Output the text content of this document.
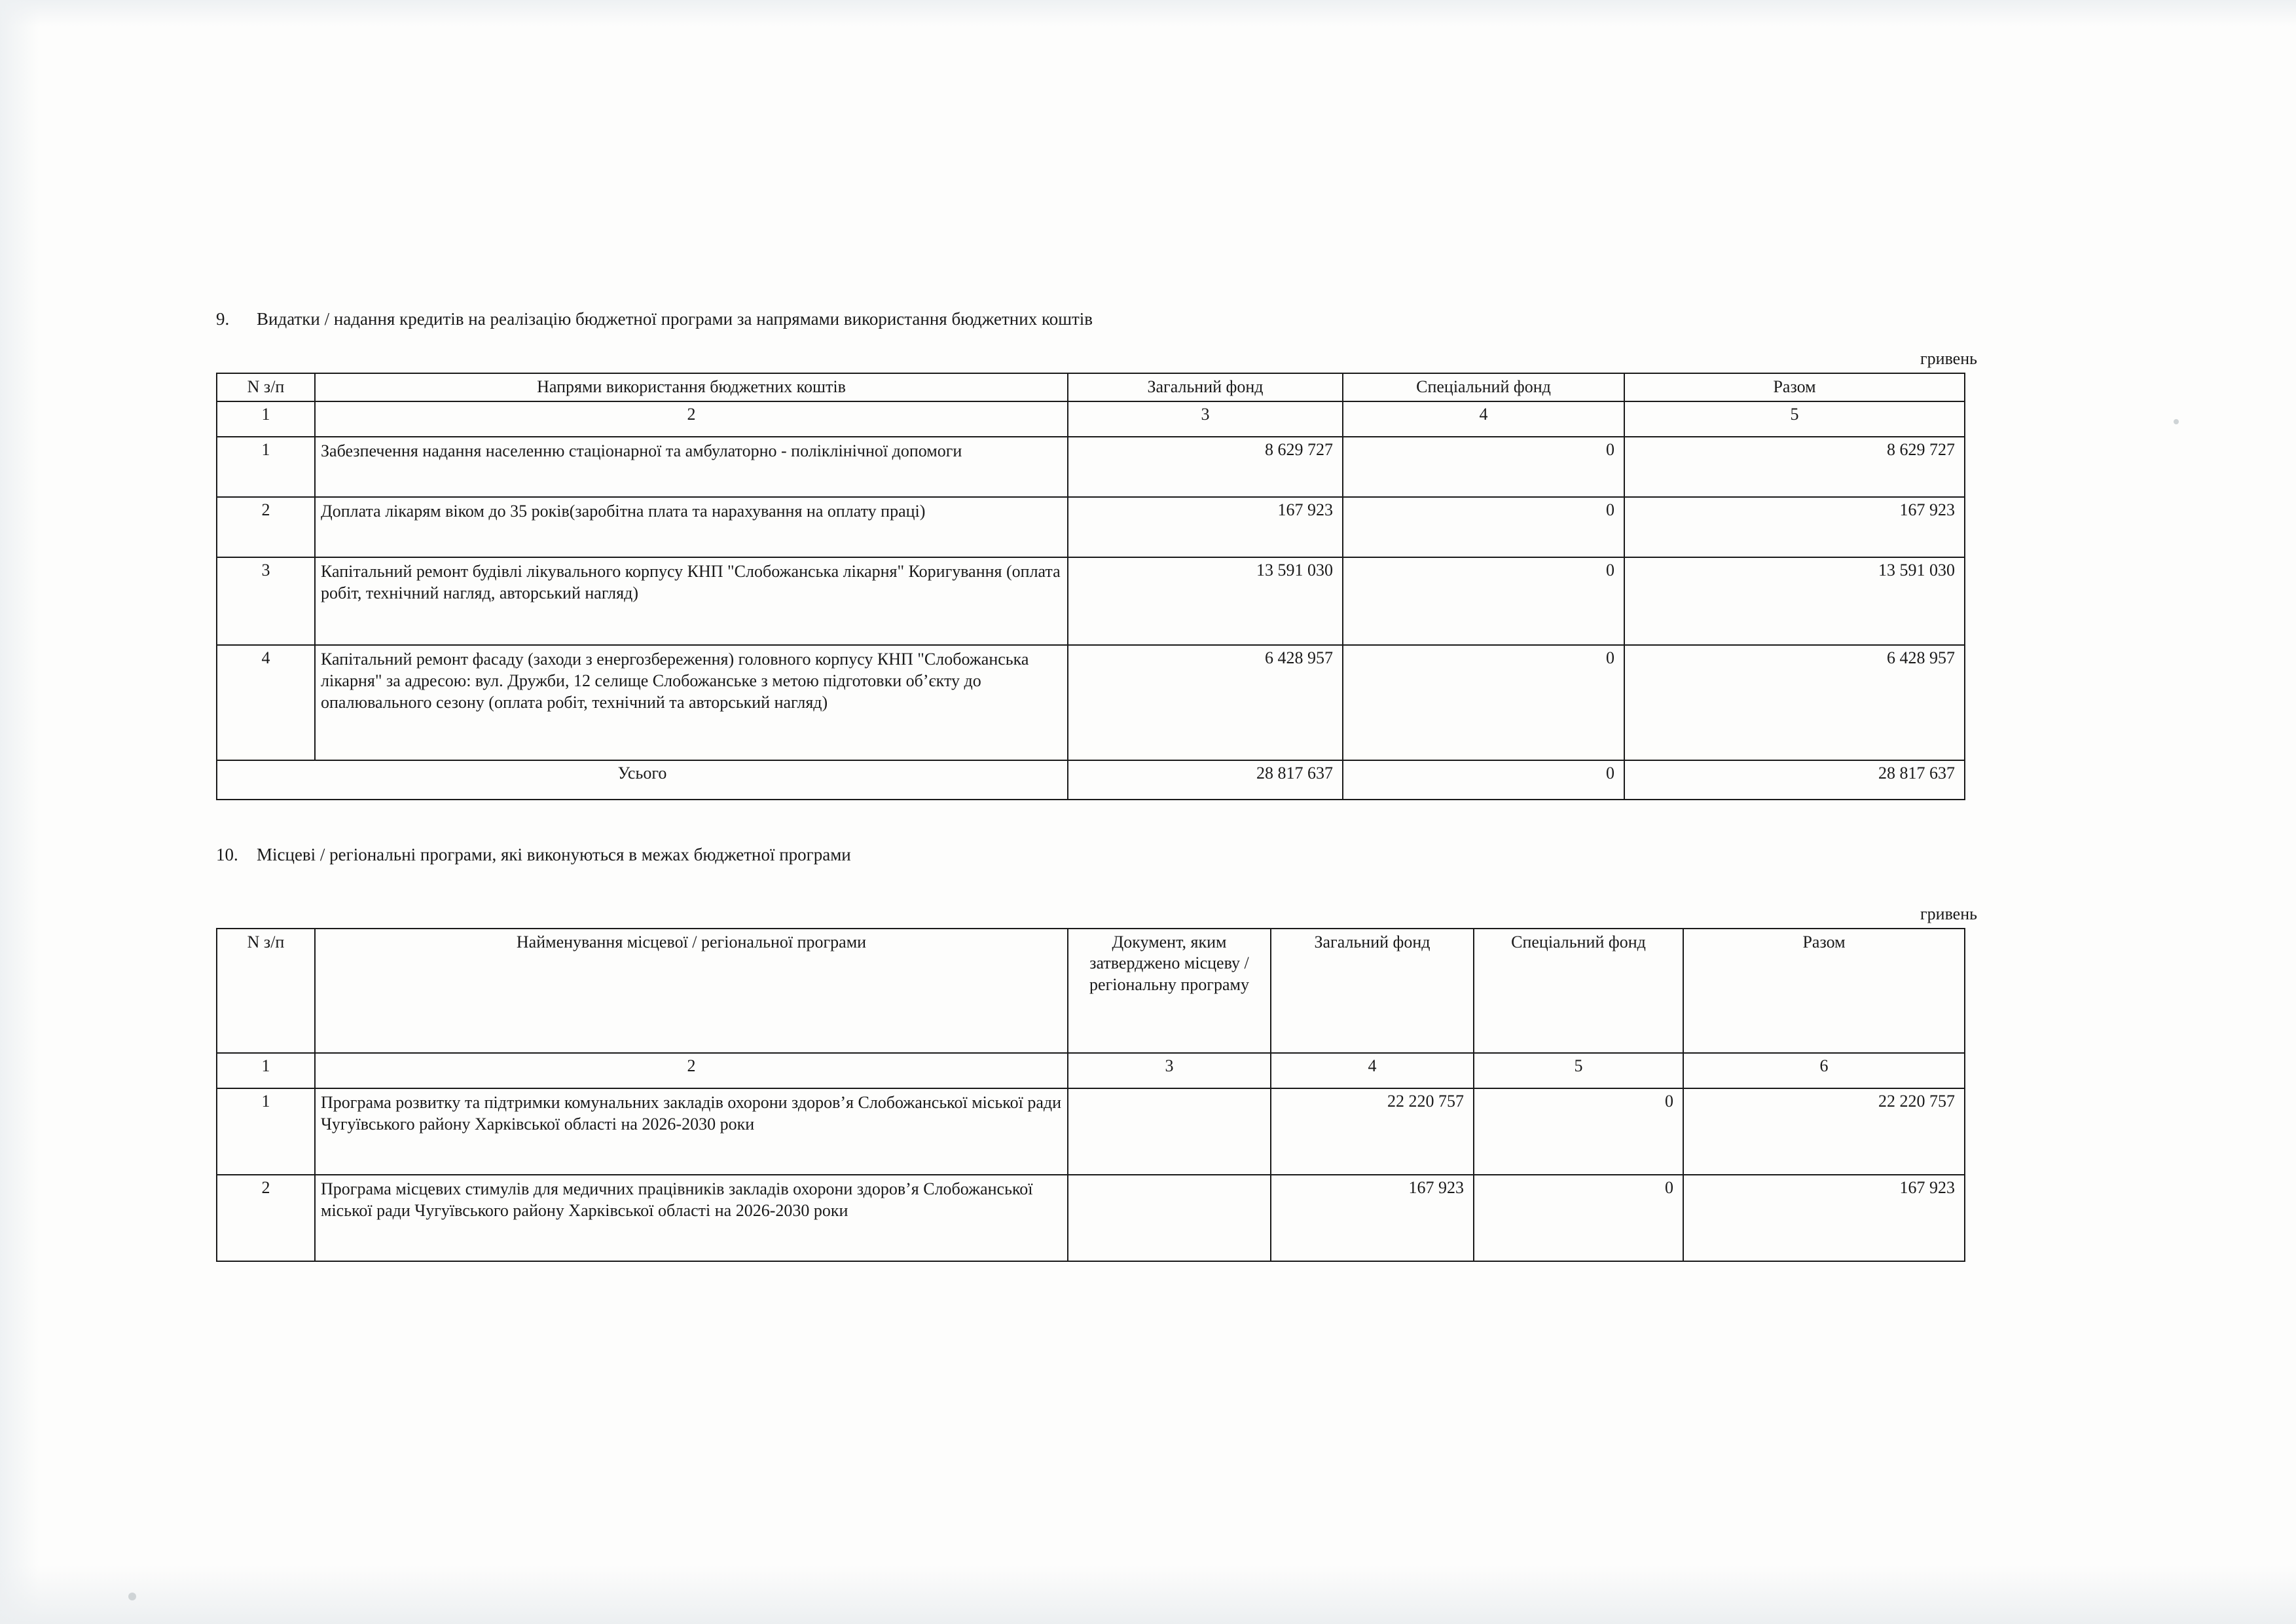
9. Видатки / надання кредитів на реалізацію бюджетної програми за напрямами використання бюджетних коштів
гривень
N з/п	Напрями використання бюджетних коштів	Загальний фонд	Спеціальний фонд	Разом
1	2	3	4	5
1	Забезпечення надання населенню стаціонарної та амбулаторно - поліклінічної допомоги	8 629 727	0	8 629 727
2	Доплата лікарям віком до 35 років(заробітна плата та нарахування на оплату праці)	167 923	0	167 923
3	Капітальний ремонт будівлі лікувального корпусу КНП "Слобожанська лікарня" Коригування (оплата робіт, технічний нагляд, авторський нагляд)	13 591 030	0	13 591 030
4	Капітальний ремонт фасаду (заходи з енергозбереження) головного корпусу КНП "Слобожанська лікарня" за адресою: вул. Дружби, 12 селище Слобожанське з метою підготовки об’єкту до опалювального сезону (оплата робіт, технічний та авторський нагляд)	6 428 957	0	6 428 957
Усього		28 817 637	0	28 817 637
10. Місцеві / регіональні програми, які виконуються в межах бюджетної програми
гривень
N з/п	Найменування місцевої / регіональної програми	Документ, яким затверджено місцеву / регіональну програму	Загальний фонд	Спеціальний фонд	Разом
1	2	3	4	5	6
1	Програма розвитку та підтримки комунальних закладів охорони здоров’я Слобожанської міської ради Чугуївського району Харківської області на 2026-2030 роки		22 220 757	0	22 220 757
2	Програма місцевих стимулів для медичних працівників закладів охорони здоров’я Слобожанської міської ради Чугуївського району Харківської області на 2026-2030 роки		167 923	0	167 923
